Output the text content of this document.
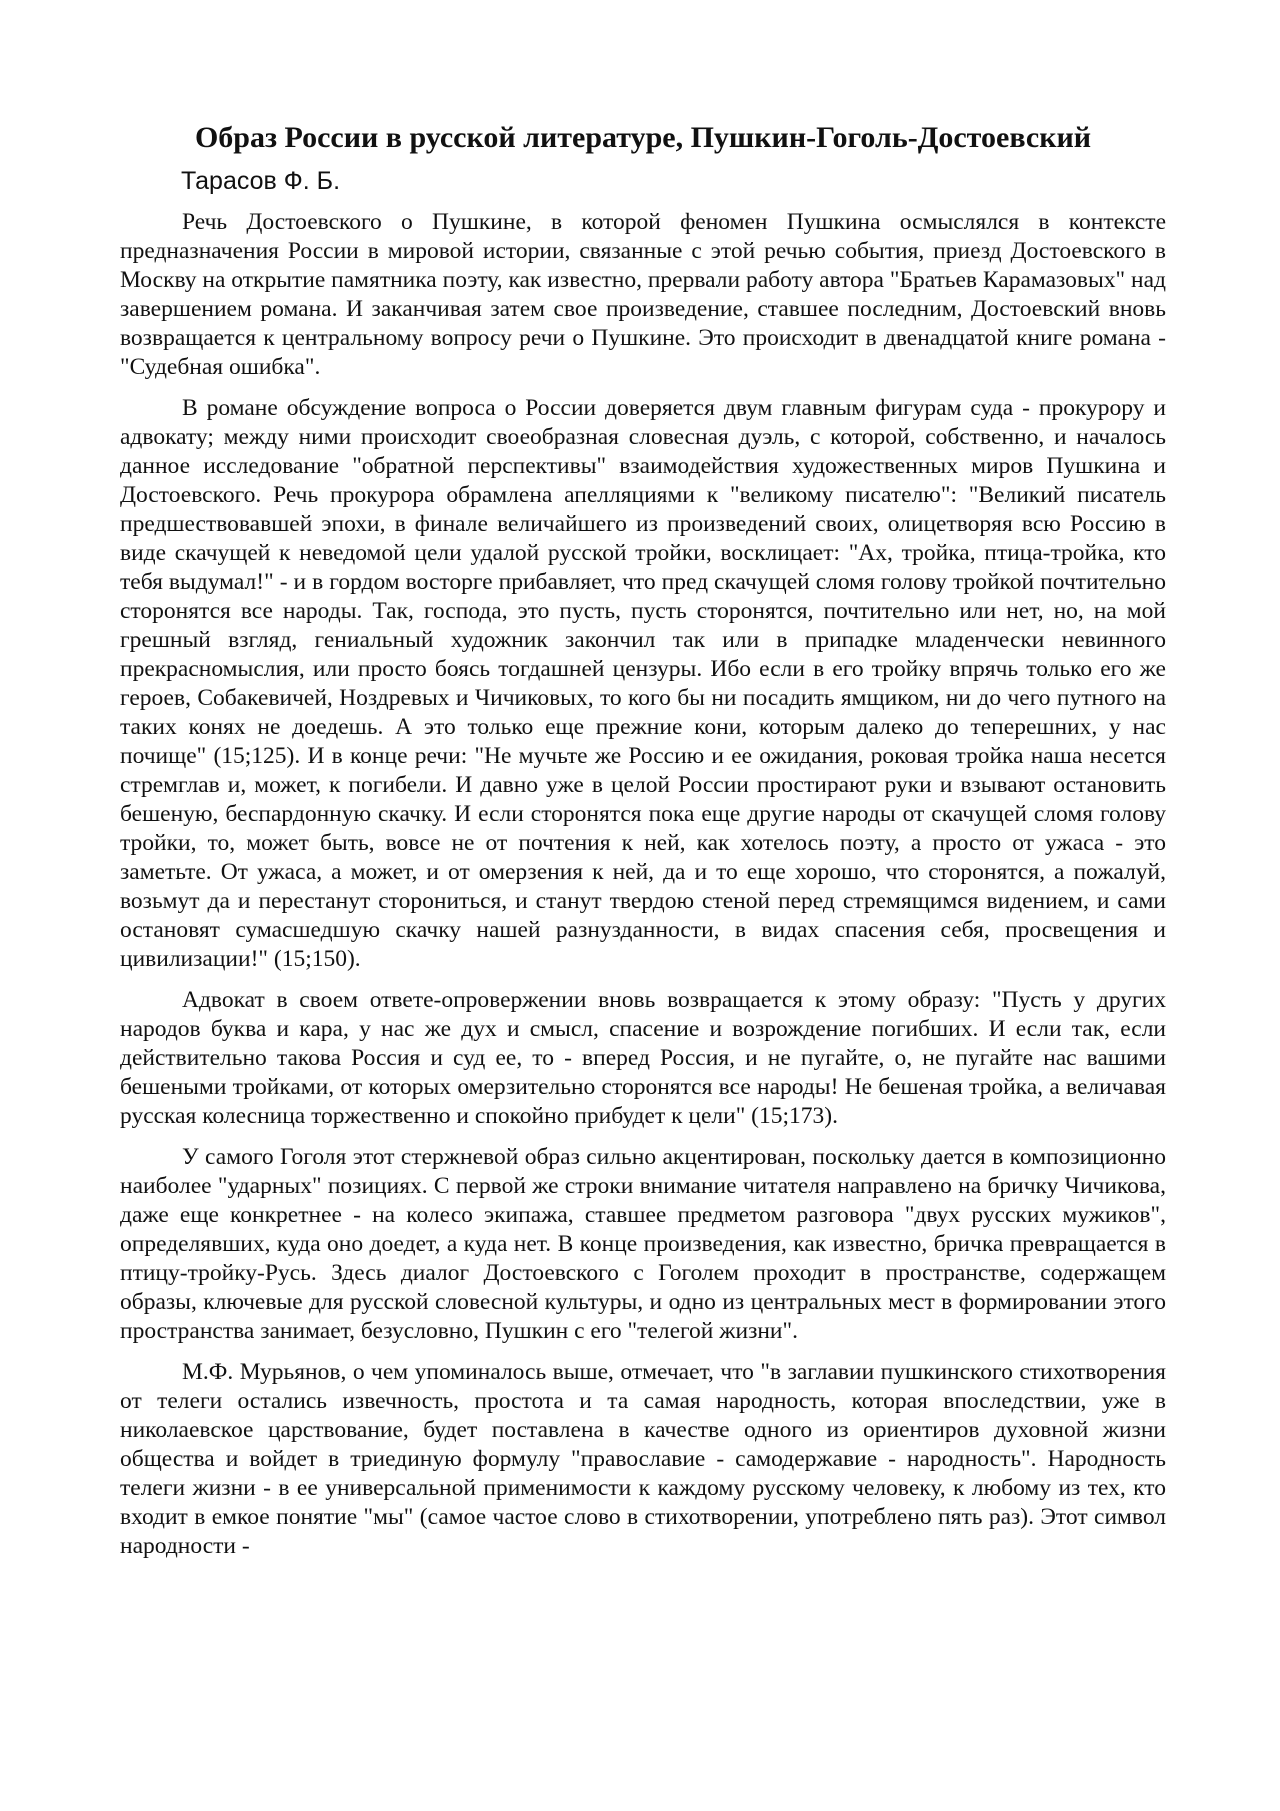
Образ России в русской литературе, Пушкин-Гоголь-Достоевский
Тарасов Ф. Б.

Речь Достоевского о Пушкине, в которой феномен Пушкина осмыслялся в контексте предназначения России в мировой истории, связанные с этой речью события, приезд Достоевского в Москву на открытие памятника поэту, как известно, прервали работу автора "Братьев Карамазовых" над завершением романа. И заканчивая затем свое произведение, ставшее последним, Достоевский вновь возвращается к центральному вопросу речи о Пушкине. Это происходит в двенадцатой книге романа - "Судебная ошибка".

В романе обсуждение вопроса о России доверяется двум главным фигурам суда - прокурору и адвокату; между ними происходит своеобразная словесная дуэль, с которой, собственно, и началось данное исследование "обратной перспективы" взаимодействия художественных миров Пушкина и Достоевского. Речь прокурора обрамлена апелляциями к "великому писателю": "Великий писатель предшествовавшей эпохи, в финале величайшего из произведений своих, олицетворяя всю Россию в виде скачущей к неведомой цели удалой русской тройки, восклицает: "Ах, тройка, птица-тройка, кто тебя выдумал!" - и в гордом восторге прибавляет, что пред скачущей сломя голову тройкой почтительно сторонятся все народы. Так, господа, это пусть, пусть сторонятся, почтительно или нет, но, на мой грешный взгляд, гениальный художник закончил так или в припадке младенчески невинного прекрасномыслия, или просто боясь тогдашней цензуры. Ибо если в его тройку впрячь только его же героев, Собакевичей, Ноздревых и Чичиковых, то кого бы ни посадить ямщиком, ни до чего путного на таких конях не доедешь. А это только еще прежние кони, которым далеко до теперешних, у нас почище" (15;125). И в конце речи: "Не мучьте же Россию и ее ожидания, роковая тройка наша несется стремглав и, может, к погибели. И давно уже в целой России простирают руки и взывают остановить бешеную, беспардонную скачку. И если сторонятся пока еще другие народы от скачущей сломя голову тройки, то, может быть, вовсе не от почтения к ней, как хотелось поэту, а просто от ужаса - это заметьте. От ужаса, а может, и от омерзения к ней, да и то еще хорошо, что сторонятся, а пожалуй, возьмут да и перестанут сторониться, и станут твердою стеной перед стремящимся видением, и сами остановят сумасшедшую скачку нашей разнузданности, в видах спасения себя, просвещения и цивилизации!" (15;150).

Адвокат в своем ответе-опровержении вновь возвращается к этому образу: "Пусть у других народов буква и кара, у нас же дух и смысл, спасение и возрождение погибших. И если так, если действительно такова Россия и суд ее, то - вперед Россия, и не пугайте, о, не пугайте нас вашими бешеными тройками, от которых омерзительно сторонятся все народы! Не бешеная тройка, а величавая русская колесница торжественно и спокойно прибудет к цели" (15;173).

У самого Гоголя этот стержневой образ сильно акцентирован, поскольку дается в композиционно наиболее "ударных" позициях. С первой же строки внимание читателя направлено на бричку Чичикова, даже еще конкретнее - на колесо экипажа, ставшее предметом разговора "двух русских мужиков", определявших, куда оно доедет, а куда нет. В конце произведения, как известно, бричка превращается в птицу-тройку-Русь. Здесь диалог Достоевского с Гоголем проходит в пространстве, содержащем образы, ключевые для русской словесной культуры, и одно из центральных мест в формировании этого пространства занимает, безусловно, Пушкин с его "телегой жизни".

М.Ф. Мурьянов, о чем упоминалось выше, отмечает, что "в заглавии пушкинского стихотворения от телеги остались извечность, простота и та самая народность, которая впоследствии, уже в николаевское царствование, будет поставлена в качестве одного из ориентиров духовной жизни общества и войдет в триединую формулу "православие - самодержавие - народность". Народность телеги жизни - в ее универсальной применимости к каждому русскому человеку, к любому из тех, кто входит в емкое понятие "мы" (самое частое слово в стихотворении, употреблено пять раз). Этот символ народности -
